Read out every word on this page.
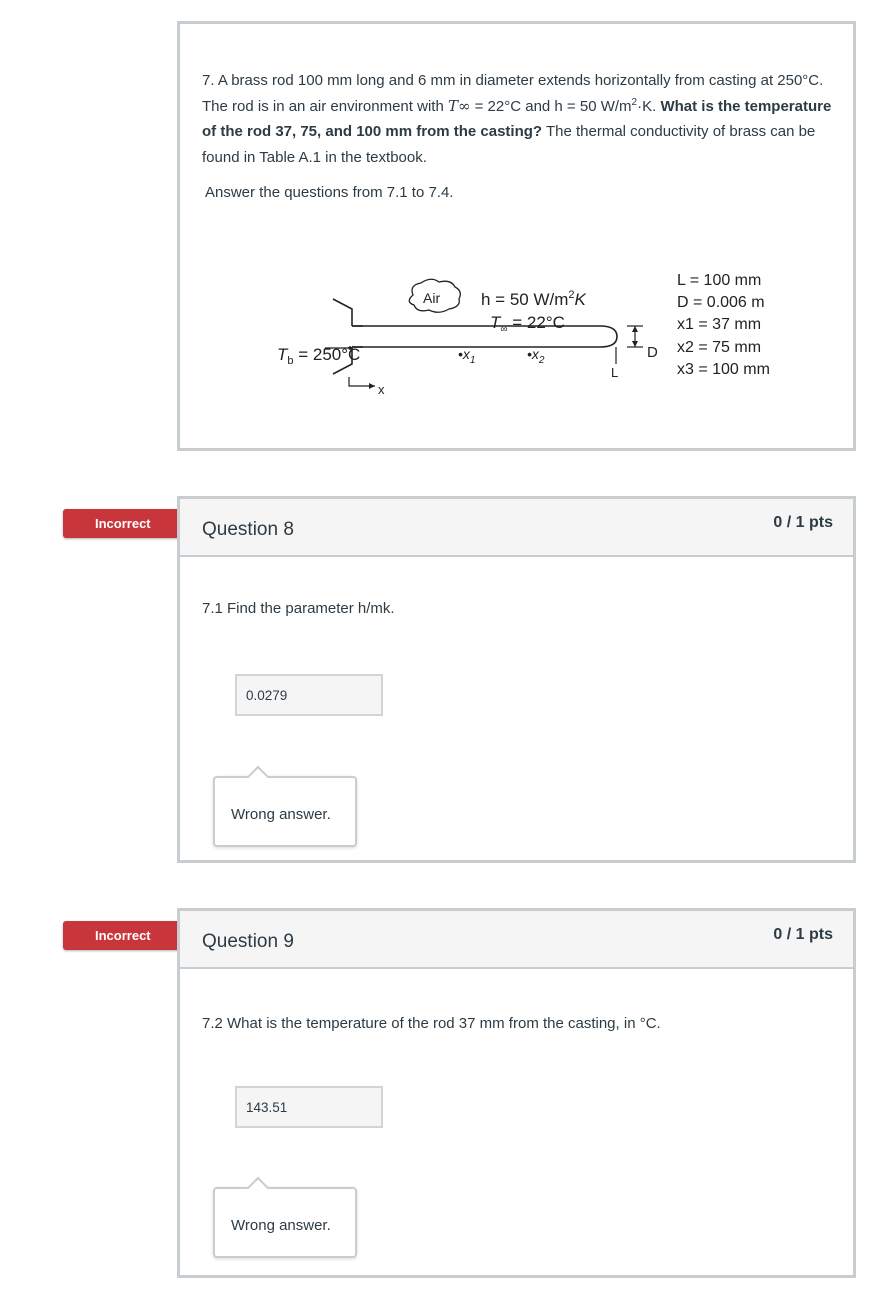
7. A brass rod 100 mm long and 6 mm in diameter extends horizontally from casting at 250°C. The rod is in an air environment with T∞ = 22°C and h = 50 $W/m^2\cdot K$. What is the temperature of the rod 37, 75, and 100 mm from the casting? The thermal conductivity of brass can be found in Table A.1 in the textbook.
Answer the questions from 7.1 to 7.4.
$T_b = 250^\circ C$
Air h = 50 $W/m^2K$
$T_\infty = 22^\circ C$
$•x_1$	$•x_2$
x
L
D
L = 100 mm
D = 0.006 m
x1 = 37 mm
x2 = 75 mm
x3 = 100 mm
Incorrect	Question 8	0 / 1 pts
7.1 Find the parameter h/mk.
0.0279
Wrong answer.
Incorrect	Question 9	0 / 1 pts
7.2 What is the temperature of the rod 37 mm from the casting, in °C.
143.51
Wrong answer.
